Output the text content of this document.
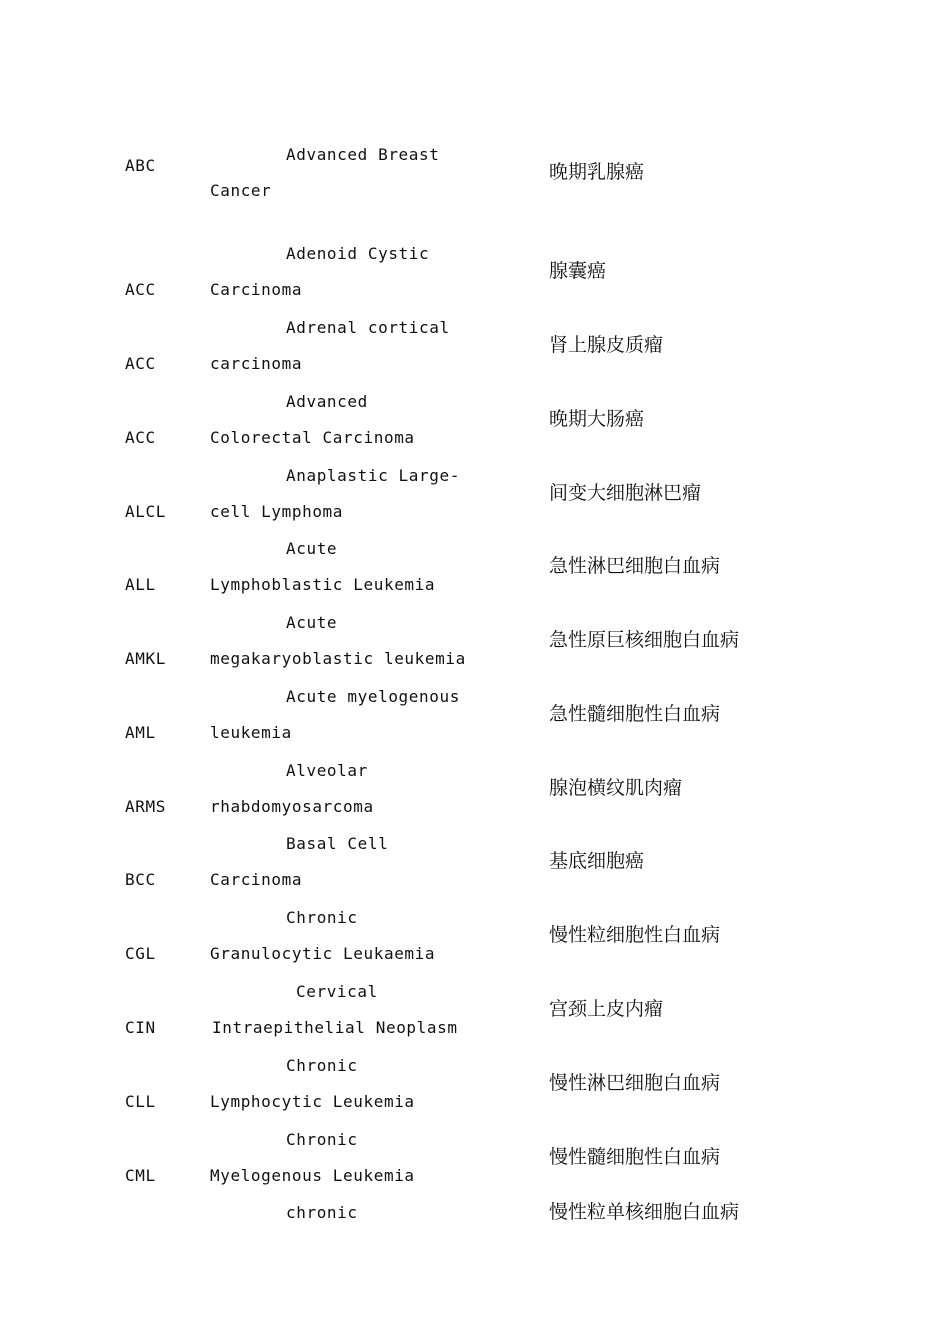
ABC
Advanced Breast
Cancer
晚期乳腺癌
ACC
Adenoid Cystic
Carcinoma
腺囊癌
ACC
Adrenal cortical
carcinoma
肾上腺皮质瘤
ACC
Advanced
Colorectal Carcinoma
晚期大肠癌
ALCL
Anaplastic Large-
cell Lymphoma
间变大细胞淋巴瘤
ALL
Acute
Lymphoblastic Leukemia
急性淋巴细胞白血病
AMKL
Acute
megakaryoblastic leukemia
急性原巨核细胞白血病
AML
Acute myelogenous
leukemia
急性髓细胞性白血病
ARMS
Alveolar
rhabdomyosarcoma
腺泡横纹肌肉瘤
BCC
Basal Cell
Carcinoma
基底细胞癌
CGL
Chronic
Granulocytic Leukaemia
慢性粒细胞性白血病
CIN
Cervical
Intraepithelial Neoplasm
宫颈上皮内瘤
CLL
Chronic
Lymphocytic Leukemia
慢性淋巴细胞白血病
CML
Chronic
Myelogenous Leukemia
慢性髓细胞性白血病
chronic	慢性粒单核细胞白血病
